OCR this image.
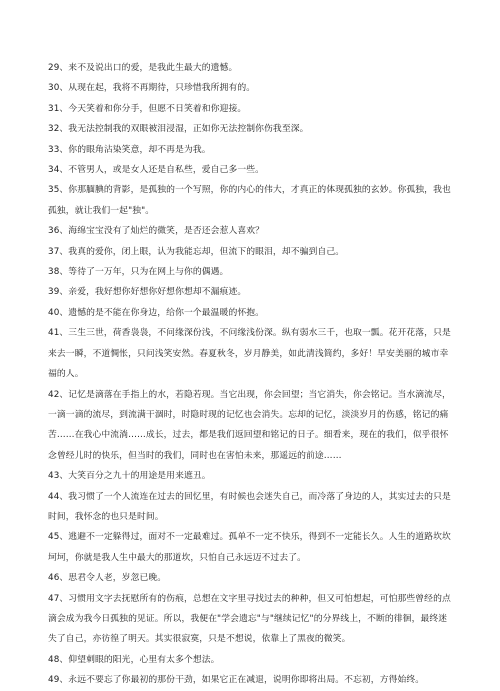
29、来不及说出口的爱，是我此生最大的遗憾。
30、从现在起，我将不再期待，只珍惜我所拥有的。
31、今天笑着和你分手，但愿不日笑着和你迎接。
32、我无法控制我的双眼被泪浸湿，正如你无法控制你伤我至深。
33、你的眼角沾染笑意，却不再是为我。
34、不管男人，或是女人还是自私些，爱自己多一些。
35、你那腼腆的背影，是孤独的一个写照，你的内心的伟大，才真正的体现孤独的玄妙。你孤独，我也孤独，就让我们一起"独"。
36、海绵宝宝没有了灿烂的微笑，是否还会惹人喜欢？
37、我真的爱你，闭上眼，认为我能忘却，但流下的眼泪，却不骗到自己。
38、等待了一万年，只为在网上与你的偶遇。
39、亲爱，我好想你好想你好想你想却不漏痕迹。
40、遗憾的是不能在你身边，给你一个最温暖的怀抱。
41、三生三世，荷香袅袅，不问缘深份浅，不问缘浅份深。纵有弱水三千，也取一瓢。花开花落，只是来去一瞬，不道惆怅，只问浅笑安然。春夏秋冬，岁月静美，如此清浅简约，多好！早安美丽的城市幸福的人。
42、记忆是滴落在手指上的水，若隐若现。当它出现，你会回望；当它消失，你会铭记。当水滴流尽，一滴一滴的流尽，到流满干涸时，时隐时现的记忆也会消失。忘却的记忆，淡淡岁月的伤感，铭记的痛苦……在我心中流淌……成长，过去，都是我们返回望和铭记的日子。细看来，现在的我们，似乎很怀念曾经儿时的快乐，但当时的我们，同时也在害怕未来，那遥远的前途……
43、大笑百分之九十的用途是用来遮丑。
44、我习惯了一个人流连在过去的回忆里，有时候也会迷失自己，而冷落了身边的人，其实过去的只是时间，我怀念的也只是时间。
45、逃避不一定躲得过，面对不一定最难过。孤单不一定不快乐，得到不一定能长久。人生的道路坎坎坷坷，你就是我人生中最大的那道坎，只怕自己永远迈不过去了。
46、思君令人老，岁忽已晚。
47、习惯用文字去抚慰所有的伤痕，总想在文字里寻找过去的种种，但又可怕想起，可怕那些曾经的点滴会成为我今日孤独的见证。所以，我便在"学会遗忘"与"继续记忆"的分界线上，不断的徘徊，最终迷失了自己，亦彷徨了明天。其实很寂寞，只是不想说，依靠上了黑夜的微笑。
48、仰望刺眼的阳光，心里有太多个想法。
49、永远不要忘了你最初的那份干劲，如果它正在减退，说明你即将出局。不忘初，方得始终。
